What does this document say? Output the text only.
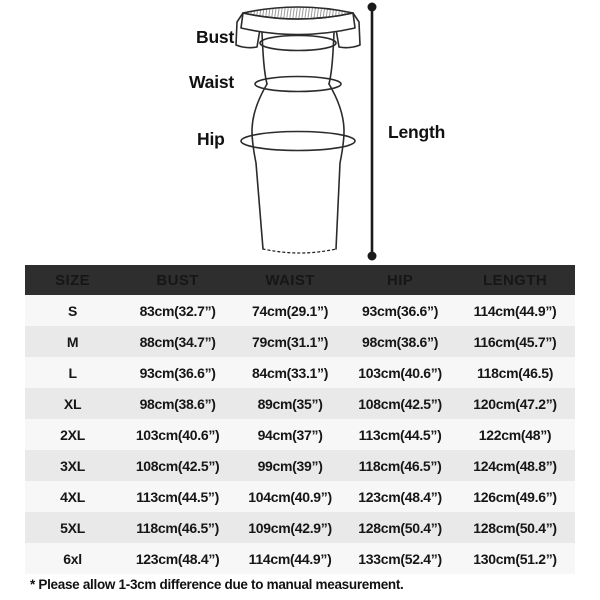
Bust
Waist
Hip	Length
SIZE	BUST	WAIST	HIP	LENGTH
S	83cm(32.7”)	74cm(29.1”)	93cm(36.6”)	114cm(44.9”)
M	88cm(34.7”)	79cm(31.1”)	98cm(38.6”)	116cm(45.7”)
L	93cm(36.6”)	84cm(33.1”)	103cm(40.6”)	118cm(46.5)
XL	98cm(38.6”)	89cm(35”)	108cm(42.5”)	120cm(47.2”)
2XL	103cm(40.6”)	94cm(37”)	113cm(44.5”)	122cm(48”)
3XL	108cm(42.5”)	99cm(39”)	118cm(46.5”)	124cm(48.8”)
4XL	113cm(44.5”)	104cm(40.9”)	123cm(48.4”)	126cm(49.6”)
5XL	118cm(46.5”)	109cm(42.9”)	128cm(50.4”)	128cm(50.4”)
6xl	123cm(48.4”)	114cm(44.9”)	133cm(52.4”)	130cm(51.2”)
* Please allow 1-3cm difference due to manual measurement.
